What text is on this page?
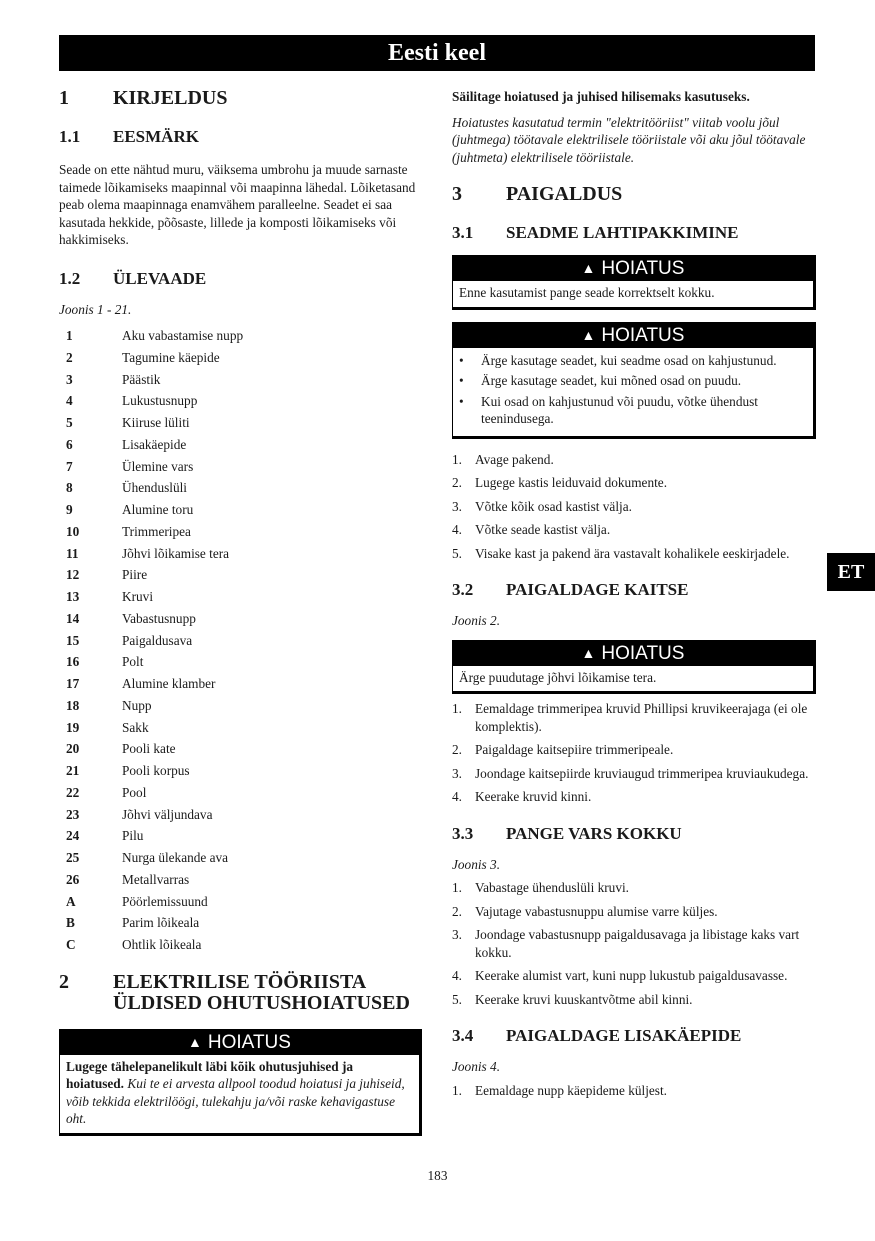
Eesti keel
1	KIRJELDUS
1.1	EESMÄRK

Seade on ette nähtud muru, väiksema umbrohu ja muude sarnaste taimede lõikamiseks maapinnal või maapinna lähedal. Lõiketasand peab olema maapinnaga enamvähem paralleelne. Seadet ei saa kasutada hekkide, põõsaste, lillede ja komposti lõikamiseks või hakkimiseks.

1.2	ÜLEVAADE

Joonis 1 - 21.

1	Aku vabastamise nupp
2	Tagumine käepide
3	Päästik
4	Lukustusnupp
5	Kiiruse lüliti
6	Lisakäepide
7	Ülemine vars
8	Ühenduslüli
9	Alumine toru
10	Trimmeripea
11	Jõhvi lõikamise tera
12	Piire
13	Kruvi
14	Vabastusnupp
15	Paigaldusava
16	Polt
17	Alumine klamber
18	Nupp
19	Sakk
20	Pooli kate
21	Pooli korpus
22	Pool
23	Jõhvi väljundava
24	Pilu
25	Nurga ülekande ava
26	Metallvarras
A	Pöörlemissuund
B	Parim lõikeala
C	Ohtlik lõikeala
2	ELEKTRILISE TÖÖRIISTA
ÜLDISED OHUTUSHOIATUSED
▲ HOIATUS
Lugege tähelepanelikult läbi kõik ohutusjuhised ja hoiatused. Kui te ei arvesta allpool toodud hoiatusi ja juhiseid, võib tekkida elektrilöögi, tulekahju ja/või raske kehavigastuse oht.

Säilitage hoiatused ja juhised hilisemaks kasutuseks.

Hoiatustes kasutatud termin "elektritööriist" viitab voolu jõul (juhtmega) töötavale elektrilisele tööriistale või aku jõul töötavale (juhtmeta) elektrilisele tööriistale.

3	PAIGALDUS
3.1	SEADME LAHTIPAKKIMINE
▲ HOIATUS
Enne kasutamist pange seade korrektselt kokku.
▲ HOIATUS
•	Ärge kasutage seadet, kui seadme osad on kahjustunud.
•	Ärge kasutage seadet, kui mõned osad on puudu.
•	Kui osad on kahjustunud või puudu, võtke ühendust teenindusega.
1. Avage pakend.
2. Lugege kastis leiduvaid dokumente.
3. Võtke kõik osad kastist välja.
4. Võtke seade kastist välja.
5. Visake kast ja pakend ära vastavalt kohalikele eeskirjadele.
3.2	PAIGALDAGE KAITSE

Joonis 2.

▲ HOIATUS
Ärge puudutage jõhvi lõikamise tera.
1. Eemaldage trimmeripea kruvid Phillipsi kruvikeerajaga (ei ole komplektis).
2. Paigaldage kaitsepiire trimmeripeale.
3. Joondage kaitsepiirde kruviaugud trimmeripea kruviaukudega.
4. Keerake kruvid kinni.
3.3	PANGE VARS KOKKU

Joonis 3.

1. Vabastage ühenduslüli kruvi.
2. Vajutage vabastusnuppu alumise varre küljes.
3. Joondage vabastusnupp paigaldusavaga ja libistage kaks vart kokku.
4. Keerake alumist vart, kuni nupp lukustub paigaldusavasse.
5. Keerake kruvi kuuskantvõtme abil kinni.
3.4	PAIGALDAGE LISAKÄEPIDE

Joonis 4.

1. Eemaldage nupp käepideme küljest.
ET
183
